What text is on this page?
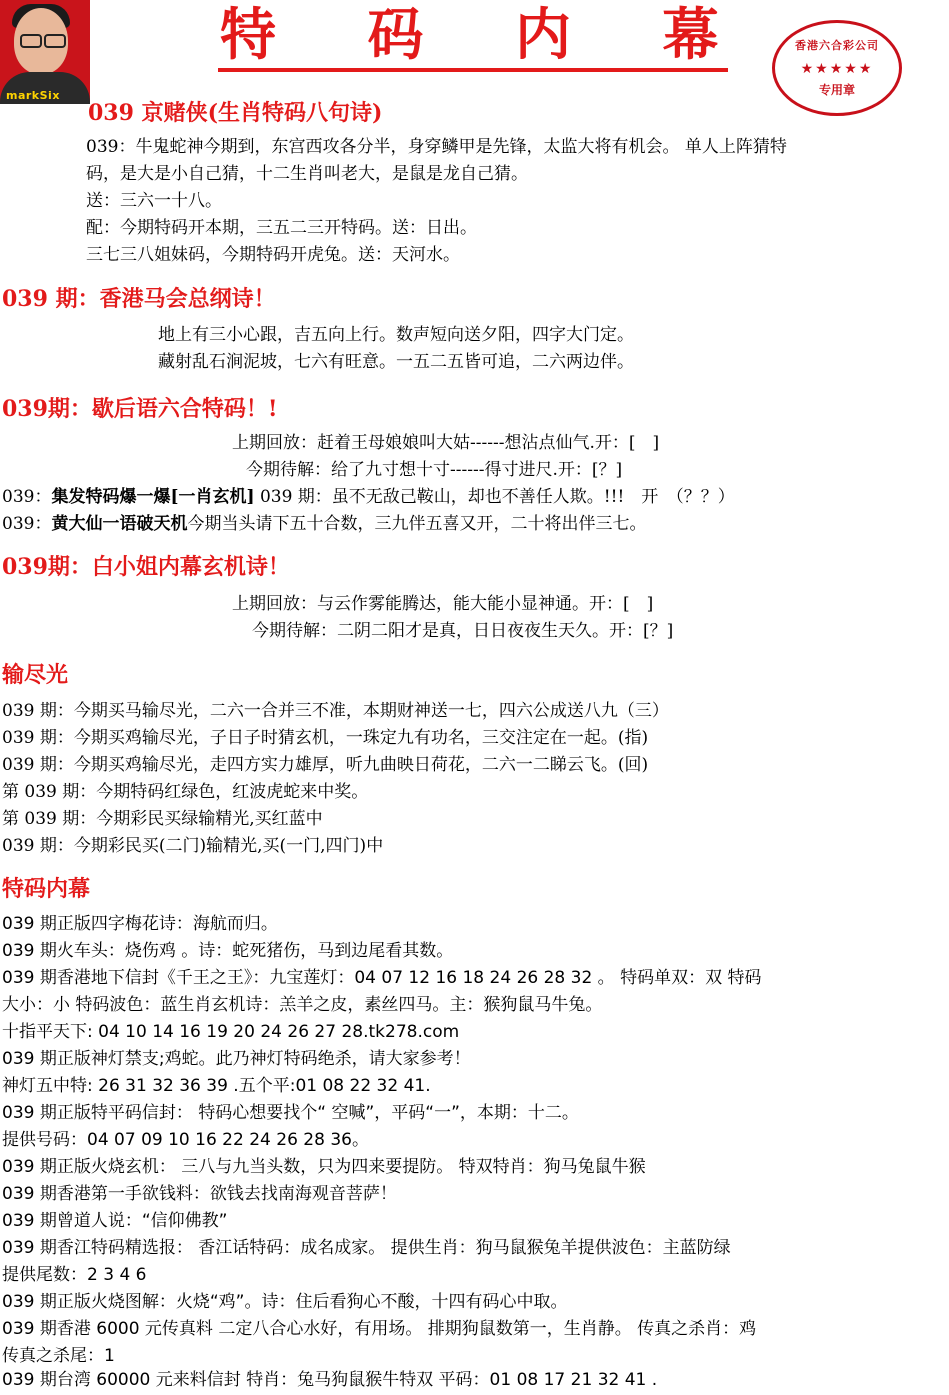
markSix
特 码 内 幕	香港六合彩公司
★★★★★
专用章
039 京赌侠(生肖特码八句诗)
039：牛鬼蛇神今期到，东宫西攻各分半，身穿鳞甲是先锋，太监大将有机会。 单人上阵猜特
码，是大是小自己猜，十二生肖叫老大，是鼠是龙自己猜。
送：三六一十八。
配：今期特码开本期，三五二三开特码。送：日出。
三七三八姐妹码，今期特码开虎兔。送：天河水。
039 期：香港马会总纲诗！
地上有三小心跟，吉五向上行。数声短向送夕阳，四字大门定。
藏射乱石涧泥坡，七六有旺意。一五二五皆可追，二六两边伴。
039期：歇后语六合特码！!
上期回放：赶着王母娘娘叫大姑------想沾点仙气.开：[　]
今期待解：给了九寸想十寸------得寸进尺.开：[？]
039：集发特码爆一爆[一肖玄机] 039 期：虽不无敌己鞍山，却也不善任人欺。!!!　开　（？？）
039：黄大仙一语破天机今期当头请下五十合数，三九伴五喜又开，二十将出伴三七。
039期：白小姐内幕玄机诗！
上期回放：与云作雾能腾达，能大能小显神通。开：[　]
今期待解：二阴二阳才是真，日日夜夜生天久。开：[？]
输尽光
039 期：今期买马输尽光，二六一合并三不准，本期财神送一七，四六公成送八九（三）
039 期：今期买鸡输尽光，子日子时猜玄机，一珠定九有功名，三交注定在一起。(指)
039 期：今期买鸡输尽光，走四方实力雄厚，听九曲映日荷花，二六一二睇云飞。(回)
第 039 期：今期特码红绿色，红波虎蛇来中奖。
第 039 期：今期彩民买绿输精光,买红蓝中
039 期：今期彩民买(二门)输精光,买(一门,四门)中
特码内幕
039 期正版四字梅花诗：海航而归。
039 期火车头：烧伤鸡 。诗：蛇死猪伤，马到边尾看其数。
039 期香港地下信封《千王之王》：九宝莲灯：04 07 12 16 18 24 26 28 32 。 特码单双：双 特码
大小：小 特码波色：蓝生肖玄机诗：羔羊之皮，素丝四马。主：猴狗鼠马牛兔。
十指平天下: 04 10 14 16 19 20 24 26 27 28.tk278.com
039 期正版神灯禁支;鸡蛇。此乃神灯特码绝杀，请大家参考！
神灯五中特: 26 31 32 36 39 .五个平:01 08 22 32 41.
039 期正版特平码信封： 特码心想要找个“ 空喊”，平码“一”，本期：十二。
提供号码：04 07 09 10 16 22 24 26 28 36。
039 期正版火烧玄机： 三八与九当头数，只为四来要提防。 特双特肖：狗马兔鼠牛猴
039 期香港第一手欲钱料：欲钱去找南海观音菩萨！
039 期曾道人说：“信仰佛教”
039 期香江特码精选报： 香江话特码：成名成家。 提供生肖：狗马鼠猴兔羊提供波色：主蓝防绿
提供尾数：2 3 4 6
039 期正版火烧图解：火烧“鸡”。诗：住后看狗心不酸，十四有码心中取。
039 期香港 6000 元传真料 二定八合心水好，有用场。 排期狗鼠数第一，生肖静。 传真之杀肖：鸡
传真之杀尾：1
039 期台湾 60000 元来料信封 特肖：兔马狗鼠猴牛特双 平码：01 08 17 21 32 41 .
